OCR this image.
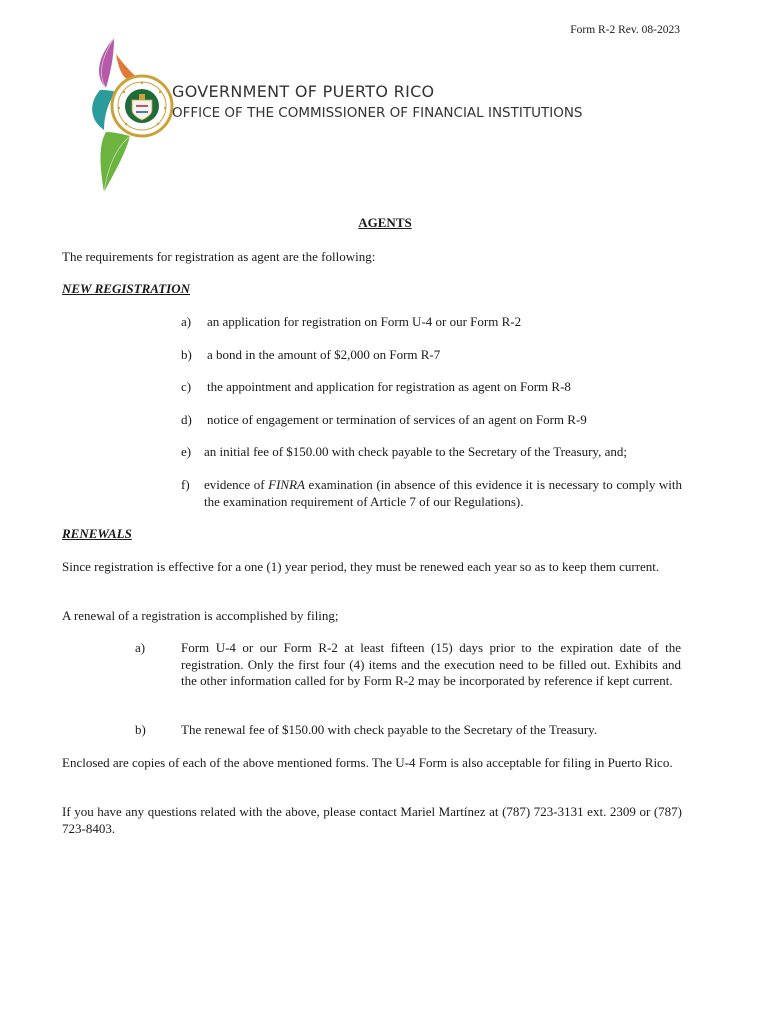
Form R-2 Rev. 08-2023
GOVERNMENT OF PUERTO RICO
OFFICE OF THE COMMISSIONER OF FINANCIAL INSTITUTIONS
AGENTS
The requirements for registration as agent are the following:
NEW REGISTRATION
a) an application for registration on Form U-4 or our Form R-2
b) a bond in the amount of $2,000 on Form R-7
c) the appointment and application for registration as agent on Form R-8
d) notice of engagement or termination of services of an agent on Form R-9
e) an initial fee of $150.00 with check payable to the Secretary of the Treasury, and;
f) evidence of FINRA examination (in absence of this evidence it is necessary to comply with the examination requirement of Article 7 of our Regulations).
RENEWALS
Since registration is effective for a one (1) year period, they must be renewed each year so as to keep them current.
A renewal of a registration is accomplished by filing;
a)	Form U-4 or our Form R-2 at least fifteen (15) days prior to the expiration date of the registration. Only the first four (4) items and the execution need to be filled out. Exhibits and the other information called for by Form R-2 may be incorporated by reference if kept current.
b)	The renewal fee of $150.00 with check payable to the Secretary of the Treasury.
Enclosed are copies of each of the above mentioned forms. The U-4 Form is also acceptable for filing in Puerto Rico.
If you have any questions related with the above, please contact Mariel Martínez at (787) 723-3131 ext. 2309 or (787) 723-8403.
